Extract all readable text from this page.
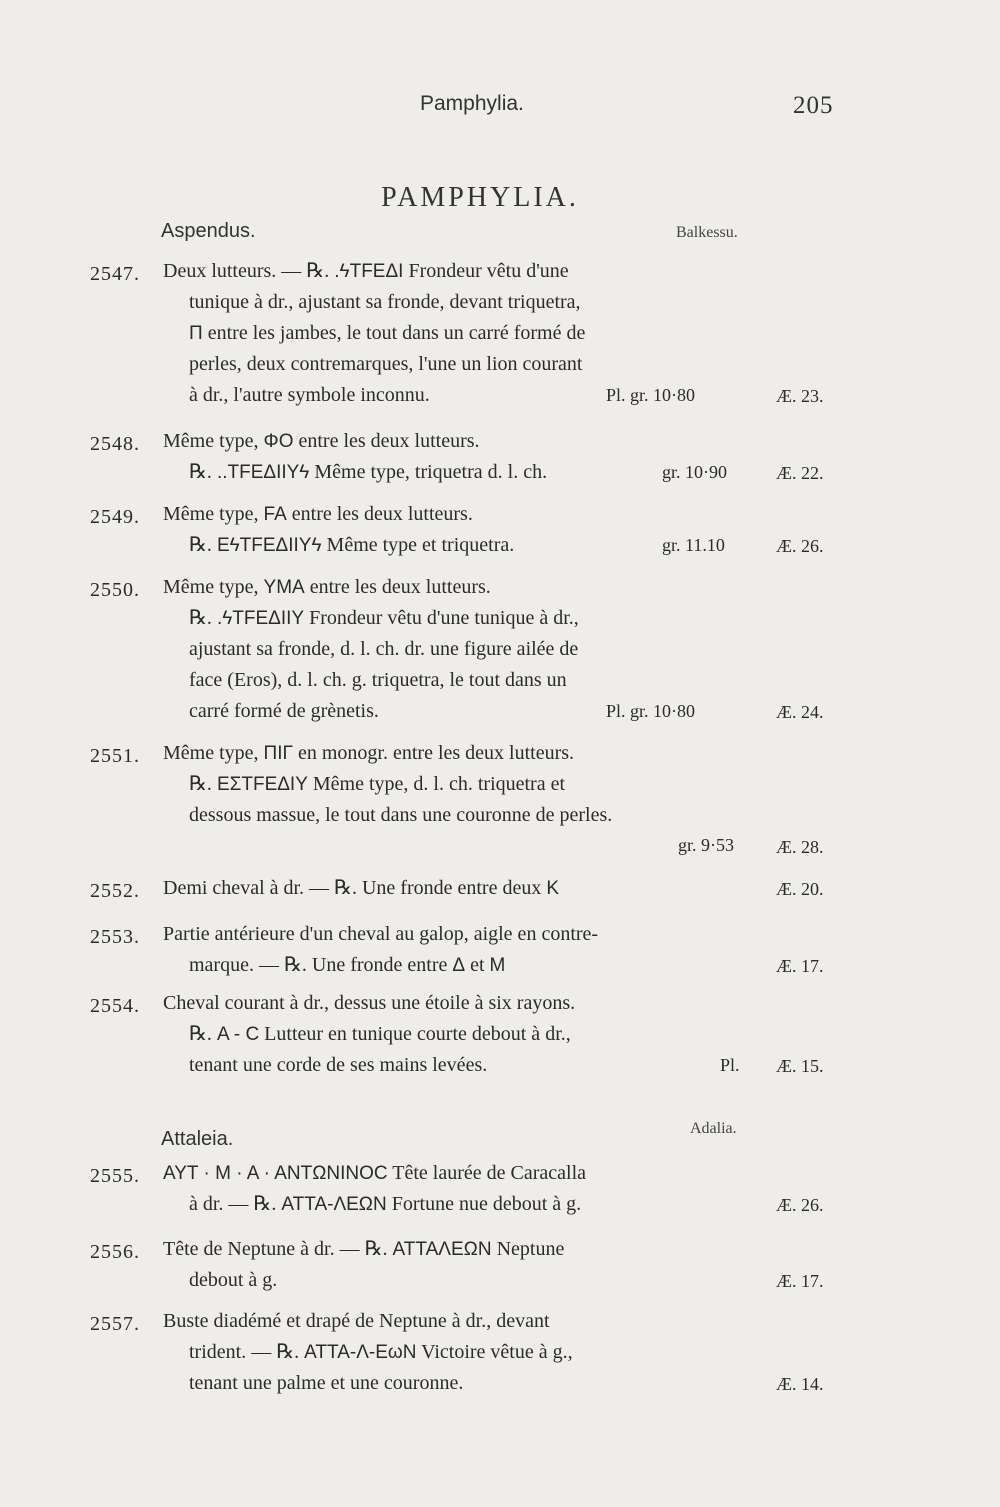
Pamphylia.	205
PAMPHYLIA.
Aspendus.	Balkessu.
Attaleia.	Adalia.
2547. Deux lutteurs. — ℞. .ϟTFEΔI Frondeur vêtu d'une
tunique à dr., ajustant sa fronde, devant triquetra,
Π entre les jambes, le tout dans un carré formé de
perles, deux contremarques, l'une un lion courant
à dr., l'autre symbole inconnu.	Pl. gr. 10·80	Æ. 23.
2548. Même type, ΦO entre les deux lutteurs.
℞. ..TFEΔIIYϟ Même type, triquetra d. l. ch.	gr. 10·90	Æ. 22.
2549. Même type, FA entre les deux lutteurs.
℞. EϟTFEΔIIYϟ Même type et triquetra.	gr. 11.10	Æ. 26.
2550. Même type, YMA entre les deux lutteurs.
℞. .ϟTFEΔIIY Frondeur vêtu d'une tunique à dr.,
ajustant sa fronde, d. l. ch. dr. une figure ailée de
face (Eros), d. l. ch. g. triquetra, le tout dans un
carré formé de grènetis.	Pl. gr. 10·80	Æ. 24.
2551. Même type, ΠΙΓ en monogr. entre les deux lutteurs.
℞. ΕΣTFEΔIY Même type, d. l. ch. triquetra et
dessous massue, le tout dans une couronne de perles.
gr. 9·53 Æ. 28.
2552. Demi cheval à dr. — ℞. Une fronde entre deux K	Æ. 20.
2553. Partie antérieure d'un cheval au galop, aigle en contre-
marque. — ℞. Une fronde entre Δ et M	Æ. 17.
2554. Cheval courant à dr., dessus une étoile à six rayons.
℞. A - C Lutteur en tunique courte debout à dr.,
tenant une corde de ses mains levées.	Pl. Æ. 15.
2555. AYT · M · A · ANTΩNINOC Tête laurée de Caracalla
à dr. — ℞. ATTA-ΛΕΩN Fortune nue debout à g.	Æ. 26.
2556. Tête de Neptune à dr. — ℞. ATTAΛΕΩN Neptune
debout à g.	Æ. 17.
2557. Buste diadémé et drapé de Neptune à dr., devant
trident. — ℞. ATTA-Λ-ΕωN Victoire vêtue à g.,
tenant une palme et une couronne.	Æ. 14.
